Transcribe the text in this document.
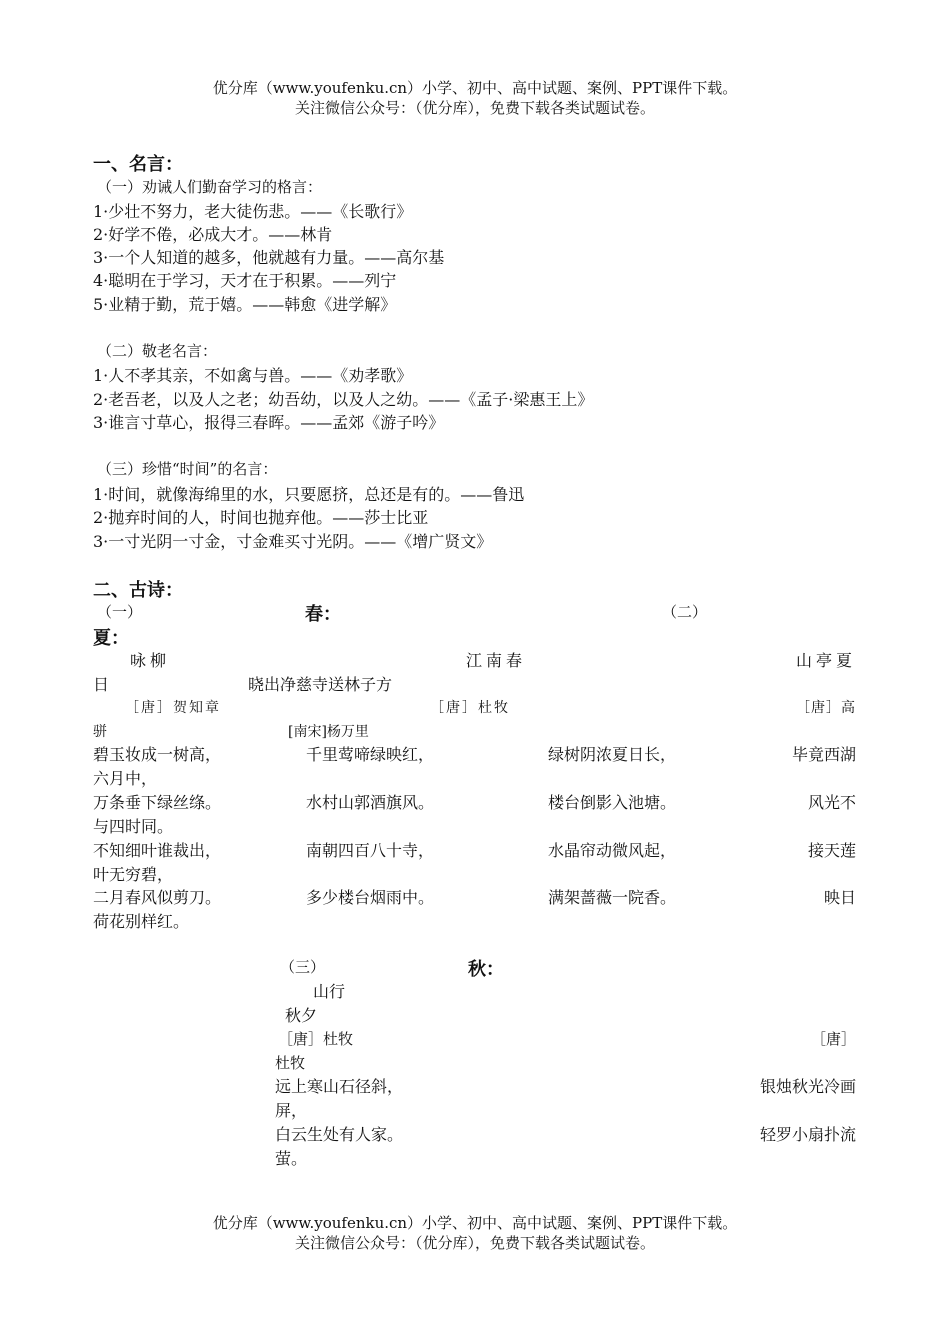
优分库（www.youfenku.cn）小学、初中、高中试题、案例、PPT课件下载。
关注微信公众号：（优分库），免费下载各类试题试卷。
一、名言：
（一）劝诫人们勤奋学习的格言：
1·少壮不努力，老大徒伤悲。——《长歌行》
2·好学不倦，必成大才。——林肯
3·一个人知道的越多，他就越有力量。——高尔基
4·聪明在于学习，天才在于积累。——列宁
5·业精于勤，荒于嬉。——韩愈《进学解》
（二）敬老名言：
1·人不孝其亲，不如禽与兽。——《劝孝歌》
2·老吾老，以及人之老；幼吾幼，以及人之幼。——《孟子·梁惠王上》
3·谁言寸草心，报得三春晖。——孟郊《游子吟》
（三）珍惜“时间”的名言：
1·时间，就像海绵里的水，只要愿挤，总还是有的。——鲁迅
2·抛弃时间的人，时间也抛弃他。——莎士比亚
3·一寸光阴一寸金，寸金难买寸光阴。——《增广贤文》
二、古诗：
（一）	春：	（二）
夏：
咏柳	江南春	山亭夏
日	晓出净慈寺送林子方
［唐］贺知章	［唐］杜牧	［唐］高
骈	[南宋]杨万里
碧玉妆成一树高，	千里莺啼绿映红，	绿树阴浓夏日长，	毕竟西湖
六月中，
万条垂下绿丝绦。	水村山郭酒旗风。	楼台倒影入池塘。	风光不
与四时同。
不知细叶谁裁出，	南朝四百八十寺，	水晶帘动微风起，	接天莲
叶无穷碧，
二月春风似剪刀。	多少楼台烟雨中。	满架蔷薇一院香。	映日
荷花别样红。
（三）	秋：
山行
秋夕
［唐］杜牧	［唐］
杜牧
远上寒山石径斜，	银烛秋光冷画
屏，
白云生处有人家。	轻罗小扇扑流
萤。
优分库（www.youfenku.cn）小学、初中、高中试题、案例、PPT课件下载。
关注微信公众号：（优分库），免费下载各类试题试卷。
